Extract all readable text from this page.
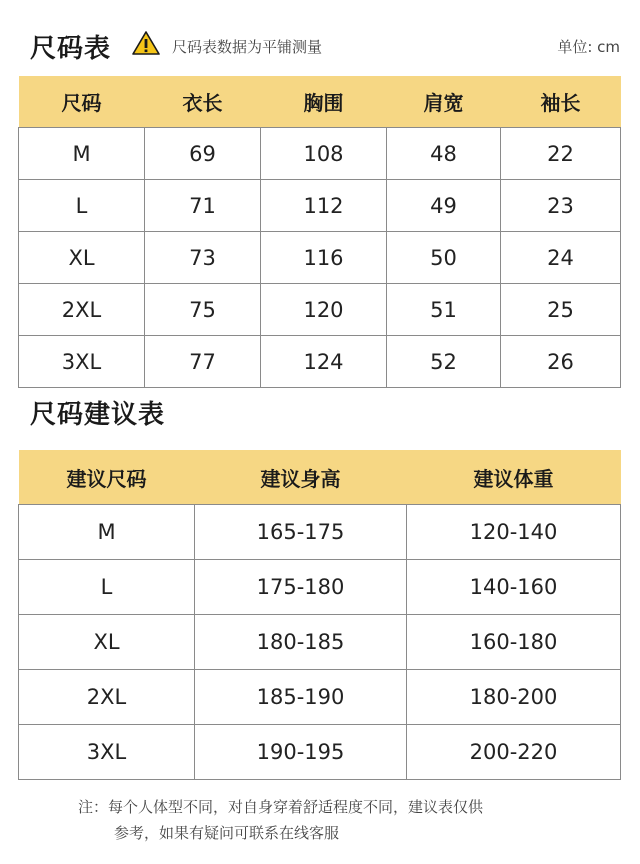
尺码表	尺码表数据为平铺测量	单位: cm
尺码	衣长	胸围	肩宽	袖长
M	69	108	48	22
L	71	112	49	23
XL	73	116	50	24
2XL	75	120	51	25
3XL	77	124	52	26
尺码建议表
建议尺码	建议身高	建议体重
M	165-175	120-140
L	175-180	140-160
XL	180-185	160-180
2XL	185-190	180-200
3XL	190-195	200-220
注：每个人体型不同，对自身穿着舒适程度不同，建议表仅供
参考，如果有疑问可联系在线客服
